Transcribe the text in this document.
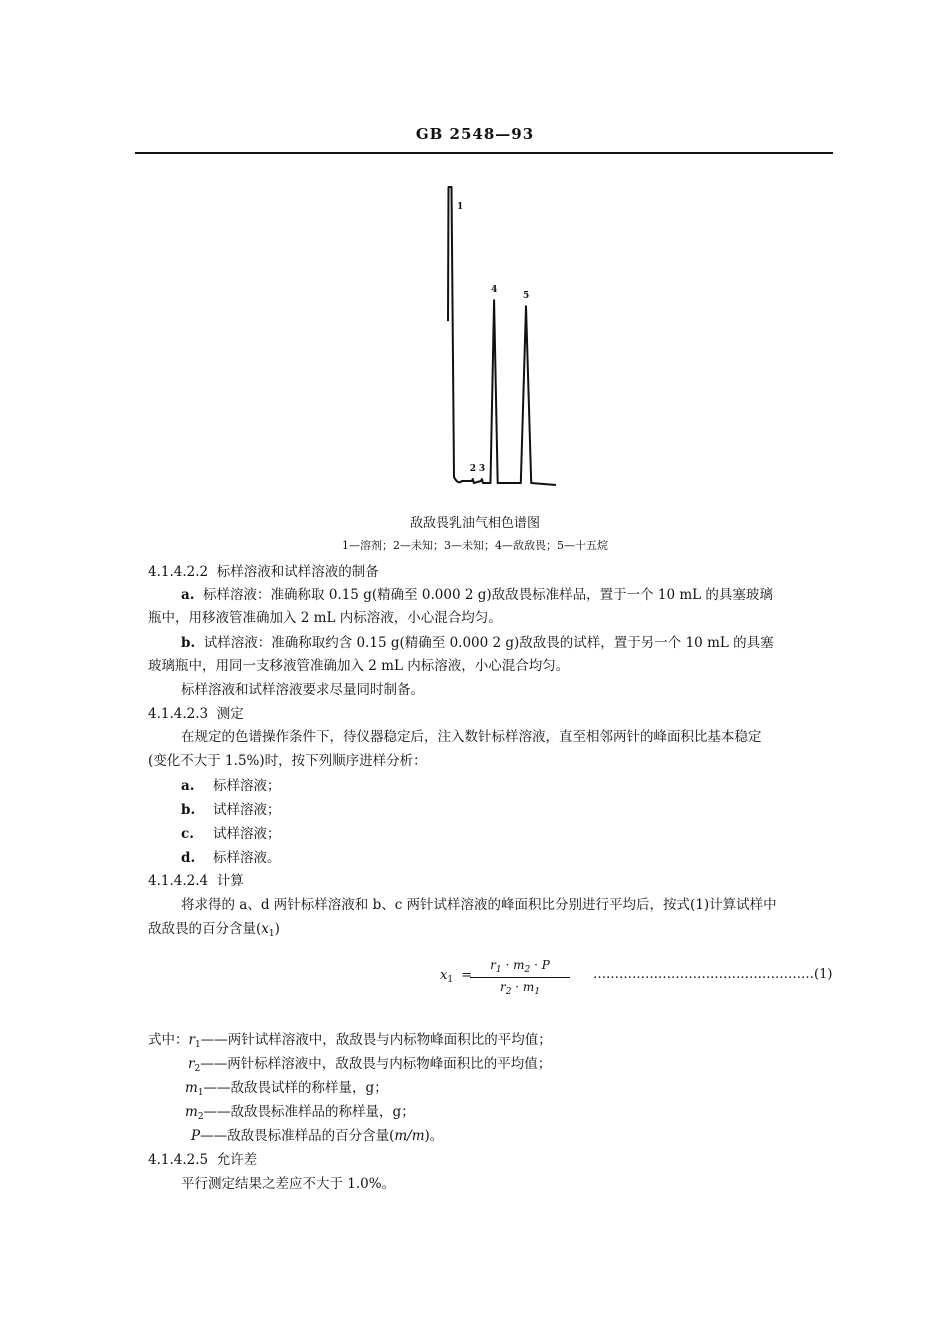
GB 2548—93
1
2 3
4
5
敌敌畏乳油气相色谱图
1—溶剂；2—未知；3—未知；4—敌敌畏；5—十五烷
4.1.4.2.2 标样溶液和试样溶液的制备
a. 标样溶液：准确称取 0.15 g(精确至 0.000 2 g)敌敌畏标准样品，置于一个 10 mL 的具塞玻璃
瓶中，用移液管准确加入 2 mL 内标溶液，小心混合均匀。
b. 试样溶液：准确称取约含 0.15 g(精确至 0.000 2 g)敌敌畏的试样，置于另一个 10 mL 的具塞
玻璃瓶中，用同一支移液管准确加入 2 mL 内标溶液，小心混合均匀。
标样溶液和试样溶液要求尽量同时制备。
4.1.4.2.3 测定
在规定的色谱操作条件下，待仪器稳定后，注入数针标样溶液，直至相邻两针的峰面积比基本稳定
(变化不大于 1.5%)时，按下列顺序进样分析：
a. 标样溶液；
b. 试样溶液；
c. 试样溶液；
d. 标样溶液。
4.1.4.2.4 计算
将求得的 a、d 两针标样溶液和 b、c 两针试样溶液的峰面积比分别进行平均后，按式(1)计算试样中
敌敌畏的百分含量$(x_1)$
$x_1$ =
$\frac{r_1 \cdot m_2 \cdot P}{r_2 \cdot m_1}$ ……………………………………………(1)
式中：$r_1——$两针试样溶液中，敌敌畏与内标物峰面积比的平均值；
$r_2——$两针标样溶液中，敌敌畏与内标物峰面积比的平均值；
$m_1——$敌敌畏试样的称样量，g；
$m_2——$敌敌畏标准样品的称样量，g；
P——敌敌畏标准样品的百分含量(m/m)。
4.1.4.2.5 允许差
平行测定结果之差应不大于 1.0%。
